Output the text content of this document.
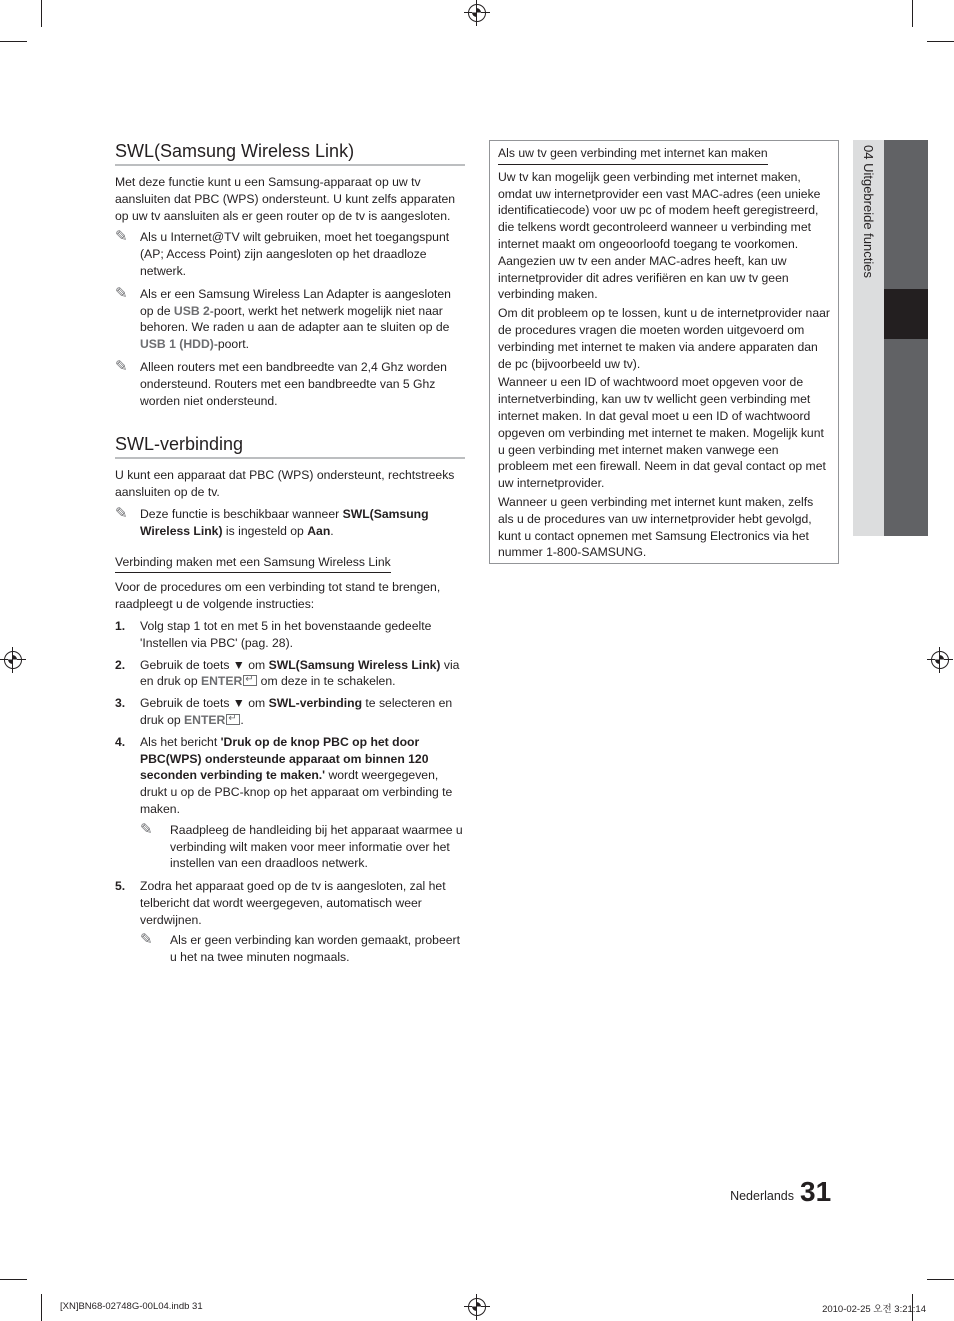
SWL(Samsung Wireless Link)

Met deze functie kunt u een Samsung-apparaat op uw tv aansluiten dat PBC (WPS) ondersteunt. U kunt zelfs apparaten op uw tv aansluiten als er geen router op de tv is aangesloten.

✎ Als u Internet@TV wilt gebruiken, moet het toegangspunt (AP; Access Point) zijn aangesloten op het draadloze netwerk.
✎ Als er een Samsung Wireless Lan Adapter is aangesloten op de USB 2-poort, werkt het netwerk mogelijk niet naar behoren. We raden u aan de adapter aan te sluiten op de USB 1 (HDD)-poort.
✎ Alleen routers met een bandbreedte van 2,4 Ghz worden ondersteund. Routers met een bandbreedte van 5 Ghz worden niet ondersteund.
SWL-verbinding

U kunt een apparaat dat PBC (WPS) ondersteunt, rechtstreeks aansluiten op de tv.

✎ Deze functie is beschikbaar wanneer SWL(Samsung Wireless Link) is ingesteld op Aan.
Verbinding maken met een Samsung Wireless Link

Voor de procedures om een verbinding tot stand te brengen, raadpleegt u de volgende instructies:

1. Volg stap 1 tot en met 5 in het bovenstaande gedeelte 'Instellen via PBC' (pag. 28).
2. Gebruik de toets ▼ om SWL(Samsung Wireless Link) via en druk op ENTER↵ om deze in te schakelen.
3. Gebruik de toets ▼ om SWL-verbinding te selecteren en druk op ENTER↵ .
4. Als het bericht 'Druk op de knop PBC op het door PBC(WPS) ondersteunde apparaat om binnen 120 seconden verbinding te maken.' wordt weergegeven, drukt u op de PBC-knop op het apparaat om verbinding te maken.
✎ Raadpleeg de handleiding bij het apparaat waarmee u verbinding wilt maken voor meer informatie over het instellen van een draadloos netwerk.
5. Zodra het apparaat goed op de tv is aangesloten, zal het telbericht dat wordt weergegeven, automatisch weer verdwijnen.
✎ Als er geen verbinding kan worden gemaakt, probeert u het na twee minuten nogmaals.
Als uw tv geen verbinding met internet kan maken

Uw tv kan mogelijk geen verbinding met internet maken, omdat uw internetprovider een vast MAC-adres (een unieke identificatiecode) voor uw pc of modem heeft geregistreerd, die telkens wordt gecontroleerd wanneer u verbinding met internet maakt om ongeoorloofd toegang te voorkomen. Aangezien uw tv een ander MAC-adres heeft, kan uw internetprovider dit adres verifiëren en kan uw tv geen verbinding maken.

Om dit probleem op te lossen, kunt u de internetprovider naar de procedures vragen die moeten worden uitgevoerd om verbinding met internet te maken via andere apparaten dan de pc (bijvoorbeeld uw tv).

Wanneer u een ID of wachtwoord moet opgeven voor de internetverbinding, kan uw tv wellicht geen verbinding met internet maken. In dat geval moet u een ID of wachtwoord opgeven om verbinding met internet te maken. Mogelijk kunt u geen verbinding met internet maken vanwege een probleem met een firewall. Neem in dat geval contact op met uw internetprovider.

Wanneer u geen verbinding met internet kunt maken, zelfs als u de procedures van uw internetprovider hebt gevolgd, kunt u contact opnemen met Samsung Electronics via het nummer 1-800-SAMSUNG.

04 Uitgebreide functies
Nederlands 31
[XN]BN68-02748G-00L04.indb 31	2010-02-25 오전 3:21:14
